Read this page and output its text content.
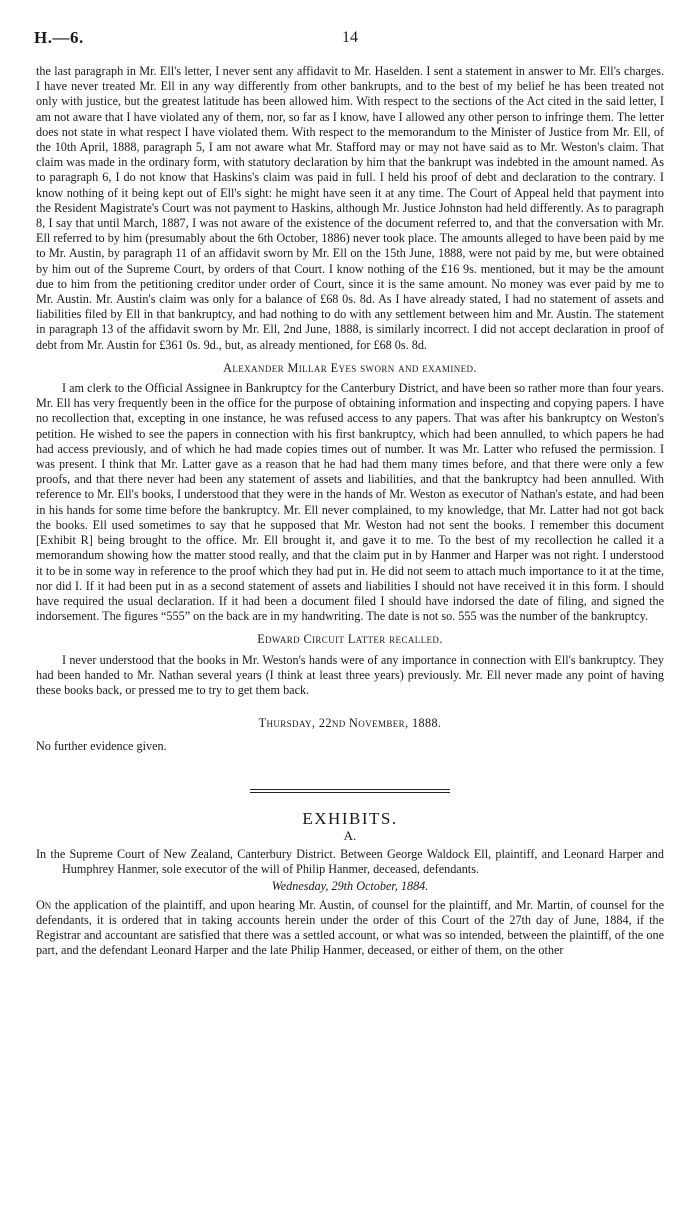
H.—6.	14

the last paragraph in Mr. Ell's letter, I never sent any affidavit to Mr. Haselden. I sent a statement in answer to Mr. Ell's charges. I have never treated Mr. Ell in any way differently from other bankrupts, and to the best of my belief he has been treated not only with justice, but the greatest latitude has been allowed him. With respect to the sections of the Act cited in the said letter, I am not aware that I have violated any of them, nor, so far as I know, have I allowed any other person to infringe them. The letter does not state in what respect I have violated them. With respect to the memorandum to the Minister of Justice from Mr. Ell, of the 10th April, 1888, paragraph 5, I am not aware what Mr. Stafford may or may not have said as to Mr. Weston's claim. That claim was made in the ordinary form, with statutory declaration by him that the bankrupt was indebted in the amount named. As to paragraph 6, I do not know that Haskins's claim was paid in full. I held his proof of debt and declaration to the contrary. I know nothing of it being kept out of Ell's sight: he might have seen it at any time. The Court of Appeal held that payment into the Resident Magistrate's Court was not payment to Haskins, although Mr. Justice Johnston had held differently. As to paragraph 8, I say that until March, 1887, I was not aware of the existence of the document referred to, and that the conversation with Mr. Ell referred to by him (presumably about the 6th October, 1886) never took place. The amounts alleged to have been paid by me to Mr. Austin, by paragraph 11 of an affidavit sworn by Mr. Ell on the 15th June, 1888, were not paid by me, but were obtained by him out of the Supreme Court, by orders of that Court. I know nothing of the £16 9s. mentioned, but it may be the amount due to him from the petitioning creditor under order of Court, since it is the same amount. No money was ever paid by me to Mr. Austin. Mr. Austin's claim was only for a balance of £68 0s. 8d. As I have already stated, I had no statement of assets and liabilities filed by Ell in that bankruptcy, and had nothing to do with any settlement between him and Mr. Austin. The statement in paragraph 13 of the affidavit sworn by Mr. Ell, 2nd June, 1888, is similarly incorrect. I did not accept declaration in proof of debt from Mr. Austin for £361 0s. 9d., but, as already mentioned, for £68 0s. 8d.

Alexander Millar Eyes sworn and examined.

I am clerk to the Official Assignee in Bankruptcy for the Canterbury District, and have been so rather more than four years. Mr. Ell has very frequently been in the office for the purpose of obtaining information and inspecting and copying papers. I have no recollection that, excepting in one instance, he was refused access to any papers. That was after his bankruptcy on Weston's petition. He wished to see the papers in connection with his first bankruptcy, which had been annulled, to which papers he had had access previously, and of which he had made copies times out of number. It was Mr. Latter who refused the permission. I was present. I think that Mr. Latter gave as a reason that he had had them many times before, and that there were only a few proofs, and that there never had been any statement of assets and liabilities, and that the bankruptcy had been annulled. With reference to Mr. Ell's books, I understood that they were in the hands of Mr. Weston as executor of Nathan's estate, and had been in his hands for some time before the bankruptcy. Mr. Ell never complained, to my knowledge, that Mr. Latter had not got back the books. Ell used sometimes to say that he supposed that Mr. Weston had not sent the books. I remember this document [Exhibit R] being brought to the office. Mr. Ell brought it, and gave it to me. To the best of my recollection he called it a memorandum showing how the matter stood really, and that the claim put in by Hanmer and Harper was not right. I understood it to be in some way in reference to the proof which they had put in. He did not seem to attach much importance to it at the time, nor did I. If it had been put in as a second statement of assets and liabilities I should not have received it in this form. I should have required the usual declaration. If it had been a document filed I should have indorsed the date of filing, and signed the indorsement. The figures “555” on the back are in my handwriting. The date is not so. 555 was the number of the bankruptcy.

Edward Circuit Latter recalled.

I never understood that the books in Mr. Weston's hands were of any importance in connection with Ell's bankruptcy. They had been handed to Mr. Nathan several years (I think at least three years) previously. Mr. Ell never made any point of having these books back, or pressed me to try to get them back.

Thursday, 22nd November, 1888.

No further evidence given.

EXHIBITS.
A.

In the Supreme Court of New Zealand, Canterbury District. Between George Waldock Ell, plaintiff, and Leonard Harper and Humphrey Hanmer, sole executor of the will of Philip Hanmer, deceased, defendants.

Wednesday, 29th October, 1884.

On the application of the plaintiff, and upon hearing Mr. Austin, of counsel for the plaintiff, and Mr. Martin, of counsel for the defendants, it is ordered that in taking accounts herein under the order of this Court of the 27th day of June, 1884, if the Registrar and accountant are satisfied that there was a settled account, or what was so intended, between the plaintiff, of the one part, and the defendant Leonard Harper and the late Philip Hanmer, deceased, or either of them, on the other
